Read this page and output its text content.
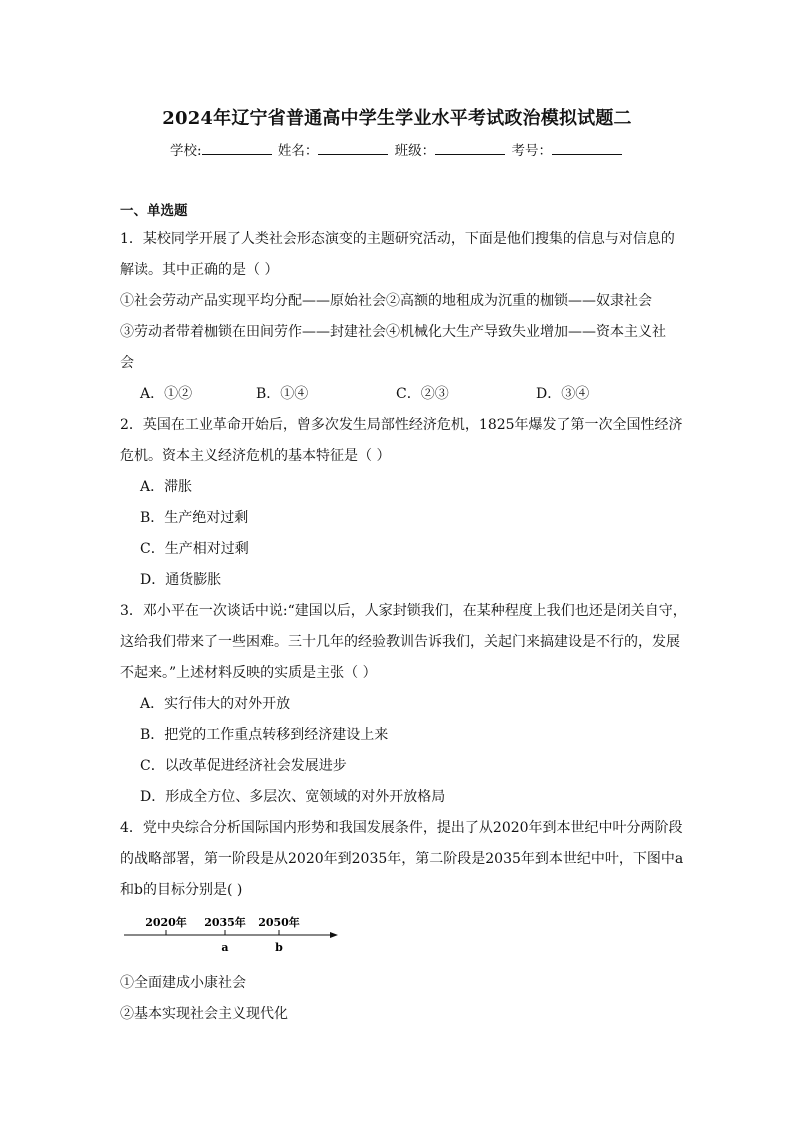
2024年辽宁省普通高中学生学业水平考试政治模拟试题二
学校:	姓名：	班级：	考号：
一、单选题
1．某校同学开展了人类社会形态演变的主题研究活动，下面是他们搜集的信息与对信息的
解读。其中正确的是（ ）
①社会劳动产品实现平均分配——原始社会②高额的地租成为沉重的枷锁——奴隶社会
③劳动者带着枷锁在田间劳作——封建社会④机械化大生产导致失业增加——资本主义社
会
A．①②	B．①④	C．②③	D．③④
2．英国在工业革命开始后，曾多次发生局部性经济危机，1825年爆发了第一次全国性经济
危机。资本主义经济危机的基本特征是（ ）
A．滞胀
B．生产绝对过剩
C．生产相对过剩
D．通货膨胀
3．邓小平在一次谈话中说:“建国以后，人家封锁我们，在某种程度上我们也还是闭关自守，
这给我们带来了一些困难。三十几年的经验教训告诉我们，关起门来搞建设是不行的，发展
不起来。”上述材料反映的实质是主张（ ）
A．实行伟大的对外开放
B．把党的工作重点转移到经济建设上来
C．以改革促进经济社会发展进步
D．形成全方位、多层次、宽领域的对外开放格局
4．党中央综合分析国际国内形势和我国发展条件，提出了从2020年到本世纪中叶分两阶段
的战略部署，第一阶段是从2020年到2035年，第二阶段是2035年到本世纪中叶，下图中a
和b的目标分别是( )
2020年 2035年 2050年
a	b
①全面建成小康社会
②基本实现社会主义现代化
